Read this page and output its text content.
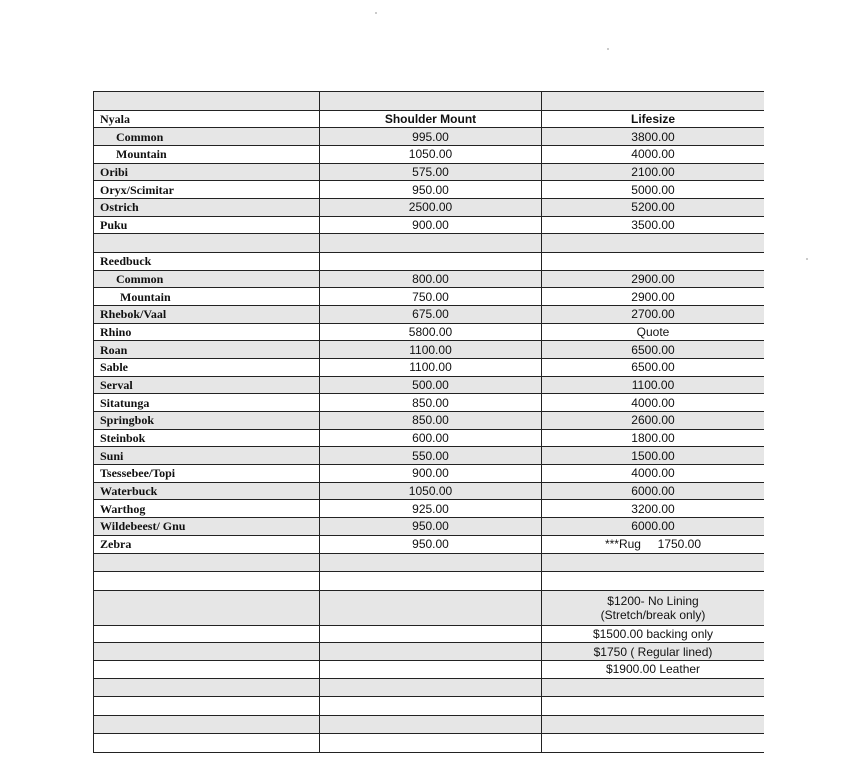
Nyala	Shoulder Mount	Lifesize
Common	995.00	3800.00
Mountain	1050.00	4000.00
Oribi	575.00	2100.00
Oryx/Scimitar	950.00	5000.00
Ostrich	2500.00	5200.00
Puku	900.00	3500.00

Reedbuck		
Common	800.00	2900.00
Mountain	750.00	2900.00
Rhebok/Vaal	675.00	2700.00
Rhino	5800.00	Quote
Roan	1100.00	6500.00
Sable	1100.00	6500.00
Serval	500.00	1100.00
Sitatunga	850.00	4000.00
Springbok	850.00	2600.00
Steinbok	600.00	1800.00
Suni	550.00	1500.00
Tsessebee/Topi	900.00	4000.00
Waterbuck	1050.00	6000.00
Warthog	925.00	3200.00
Wildebeest/ Gnu	950.00	6000.00
Zebra	950.00	***Rug     1750.00

		$1200- No Lining
(Stretch/break only)

		$1500.00 backing only
		$1750 ( Regular lined)
		$1900.00 Leather
